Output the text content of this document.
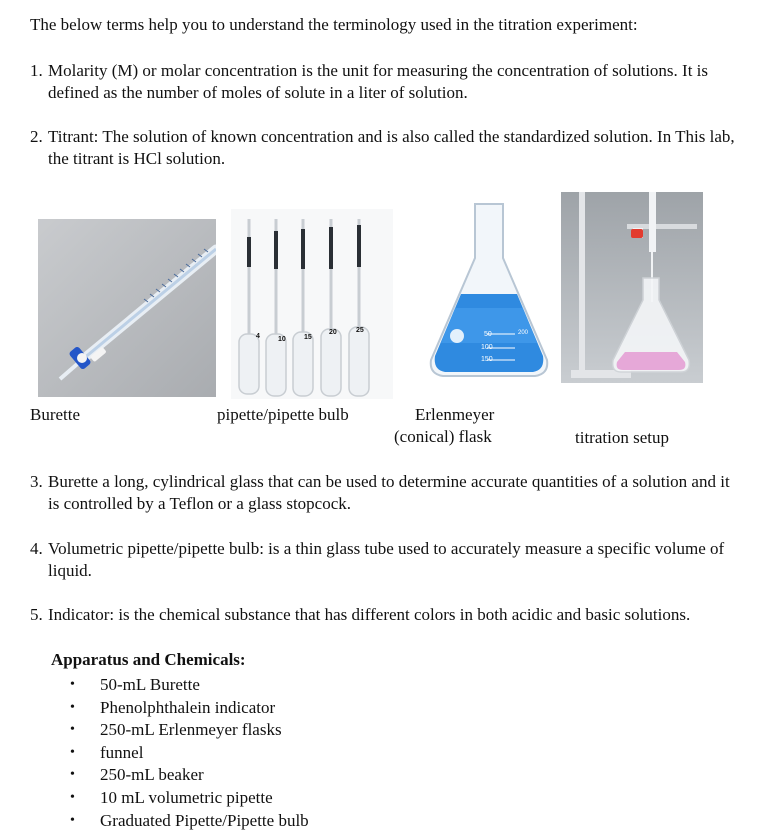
The below terms help you to understand the terminology used in the titration experiment:
1. Molarity (M) or molar concentration is the unit for measuring the concentration of solutions. It is defined as the number of moles of solute in a liter of solution.
2. Titrant: The solution of known concentration and is also called the standardized solution. In This lab, the titrant is HCl solution.
Burette
4	10	15
20	25
pipette/pipette bulb
50
100
150
200
Erlenmeyer
(conical) flask	titration setup
3. Burette a long, cylindrical glass that can be used to determine accurate quantities of a solution and it is controlled by a Teflon or a glass stopcock.
4. Volumetric pipette/pipette bulb: is a thin glass tube used to accurately measure a specific volume of liquid.
5. Indicator: is the chemical substance that has different colors in both acidic and basic solutions.
Apparatus and Chemicals:
• 50-mL Burette
• Phenolphthalein indicator
• 250-mL Erlenmeyer flasks
• funnel
• 250-mL beaker
• 10 mL volumetric pipette
• Graduated Pipette/Pipette bulb
